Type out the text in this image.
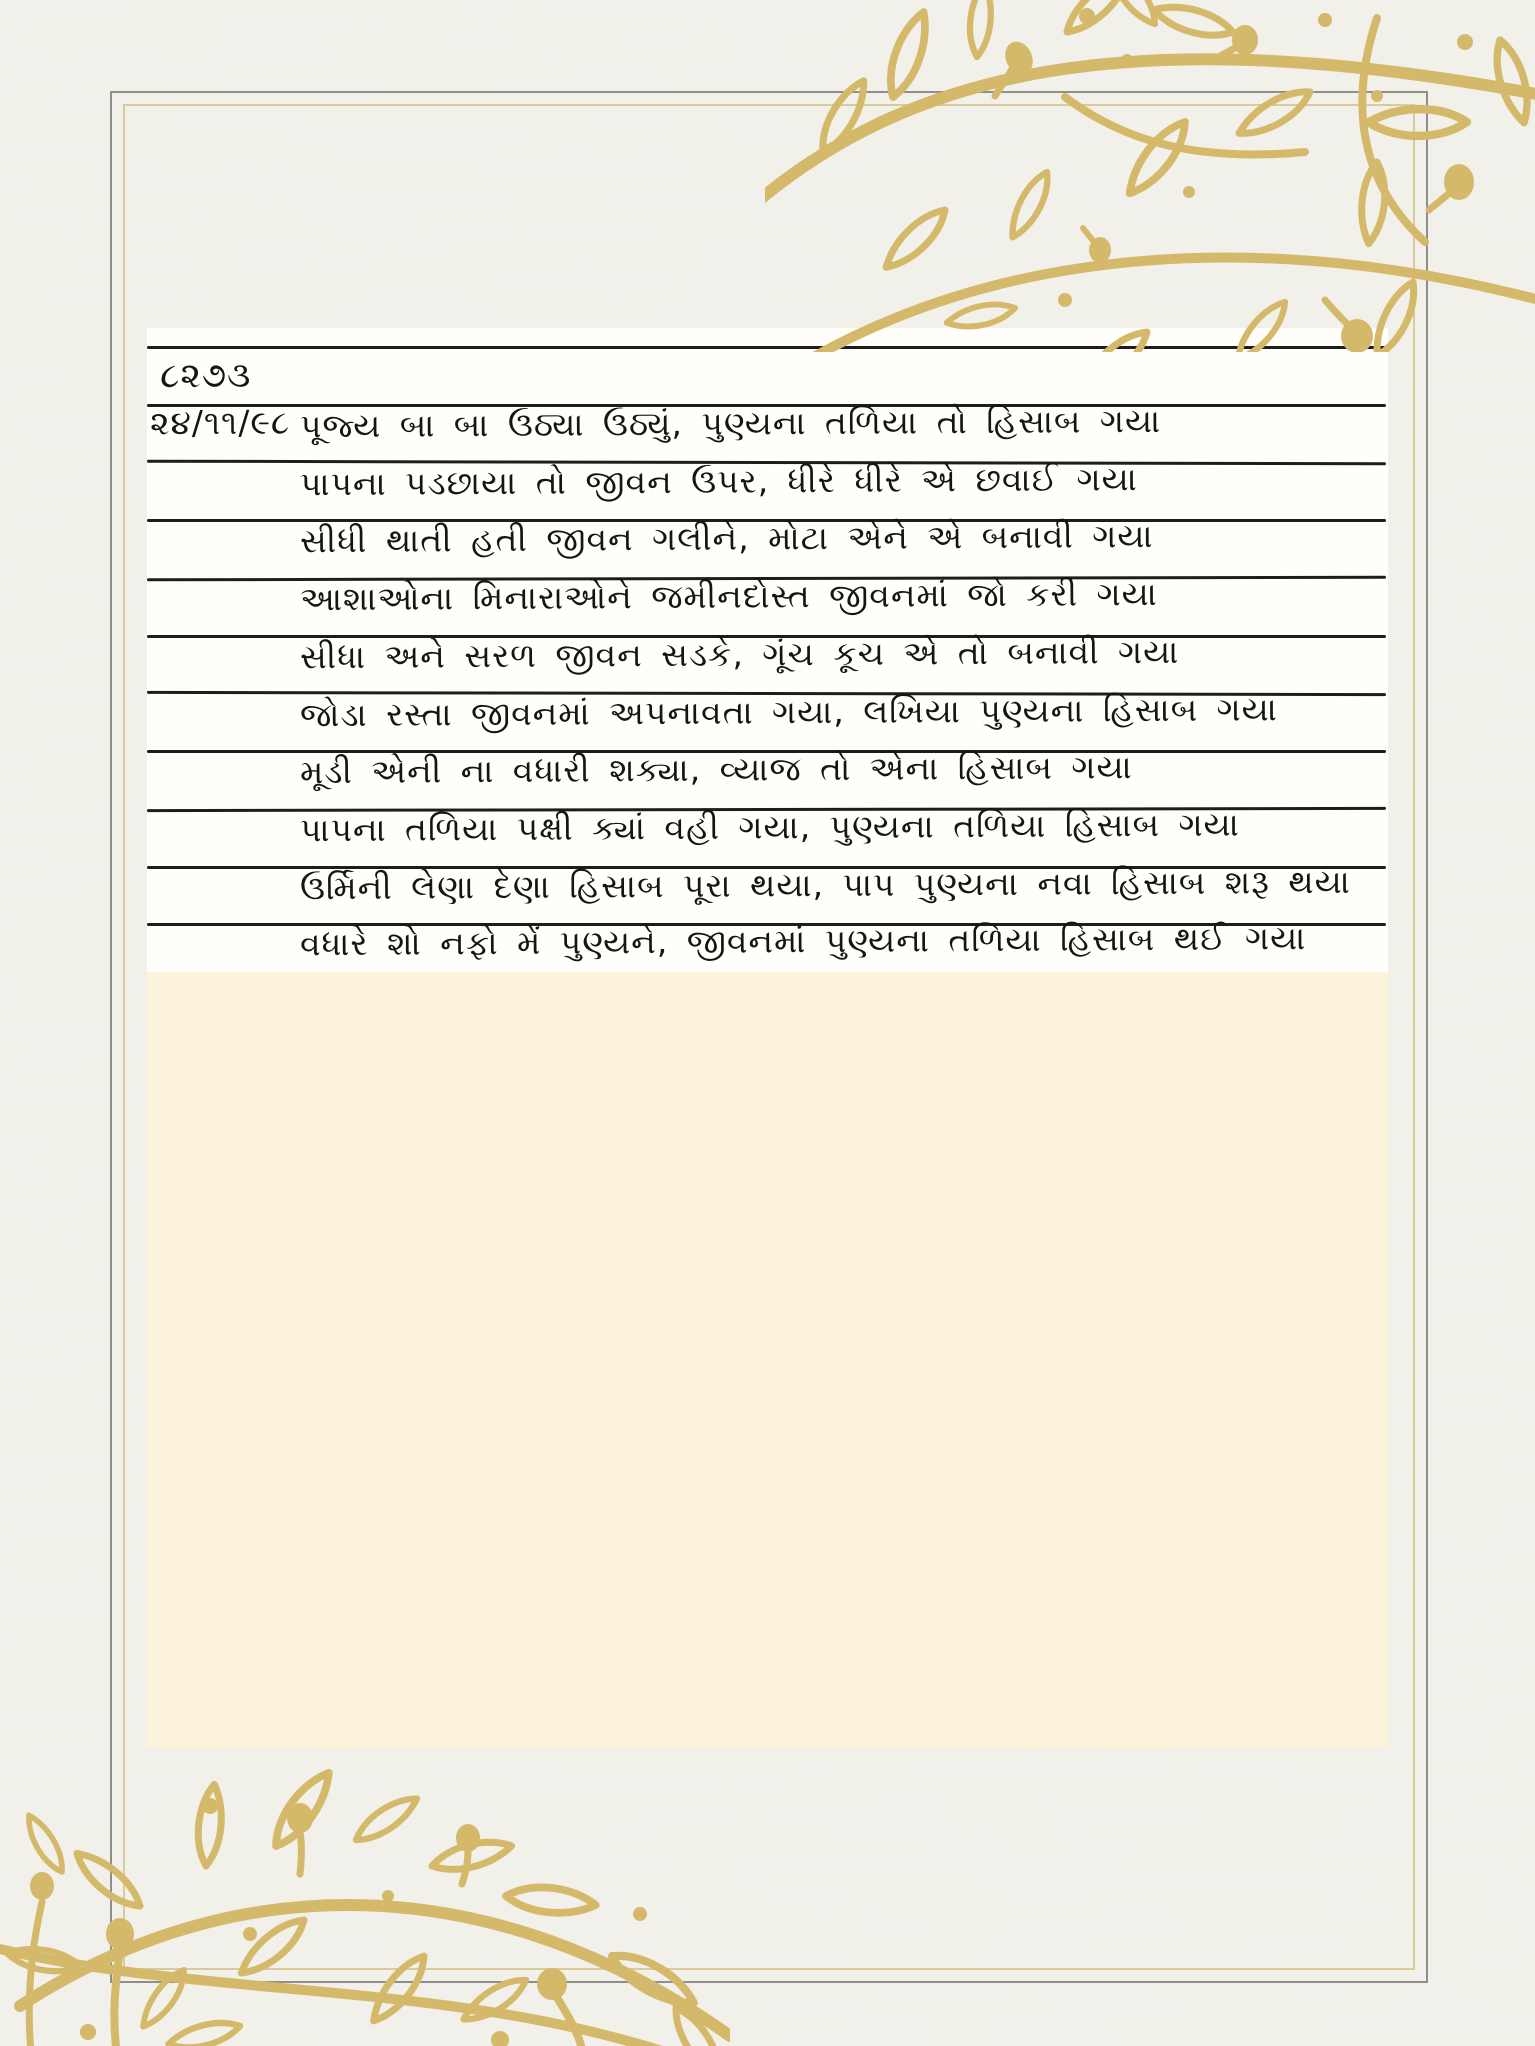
૮૨૭૩
૨૪/૧૧/૯૮ પૂજ્ય બા બા ઉઠ્યા ઉઠ્યું, પુણ્યના તળિયા તો હિસાબ ગયા
પાપના પડછાયા તો જીવન ઉપર, ધીરે ધીરે એ છવાઈ ગયા
સીધી થાતી હતી જીવન ગલીને, મોટા એને એ બનાવી ગયા
આશાઓના મિનારાઓને જમીનદોસ્ત જીવનમાં જો કરી ગયા
સીધા અને સરળ જીવન સડકે, ગૂંચ કૂચ એ તો બનાવી ગયા
જોડા રસ્તા જીવનમાં અપનાવતા ગયા, લખિયા પુણ્યના હિસાબ ગયા
મૂડી એની ના વધારી શક્યા, વ્યાજ તો એના હિસાબ ગયા
પાપના તળિયા પક્ષી ક્યાં વહી ગયા, પુણ્યના તળિયા હિસાબ ગયા
ઉર્મિની લેણા દેણા હિસાબ પૂરા થયા, પાપ પુણ્યના નવા હિસાબ શરૂ થયા
વધારે શો નફો મેં પુણ્યને, જીવનમાં પુણ્યના તળિયા હિસાબ થઈ ગયા
